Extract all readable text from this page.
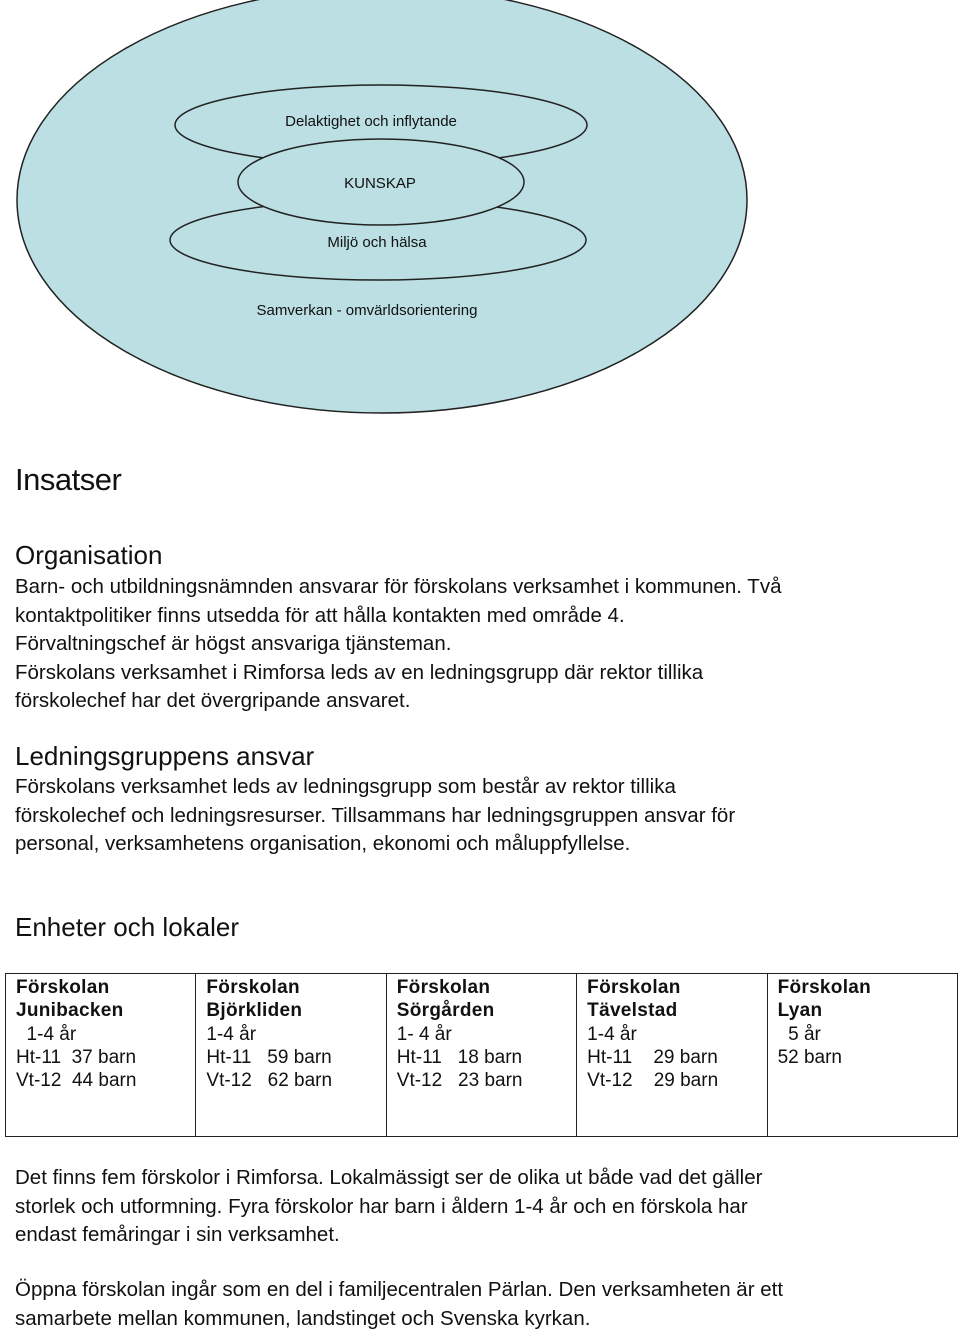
Delaktighet och inflytande
KUNSKAP
Miljö och hälsa
Samverkan - omvärldsorientering
Insatser
Organisation
Barn- och utbildningsnämnden ansvarar för förskolans verksamhet i kommunen. Två
kontaktpolitiker finns utsedda för att hålla kontakten med område 4.
Förvaltningschef är högst ansvariga tjänsteman.
Förskolans verksamhet i Rimforsa leds av en ledningsgrupp där rektor tillika
förskolechef har det övergripande ansvaret.
Ledningsgruppens ansvar
Förskolans verksamhet leds av ledningsgrupp som består av rektor tillika
förskolechef och ledningsresurser. Tillsammans har ledningsgruppen ansvar för
personal, verksamhetens organisation, ekonomi och måluppfyllelse.
Enheter och lokaler
Förskolan
Junibacken
1-4 år
Ht-11  37 barn
Vt-12  44 barn

Förskolan
Björkliden
1-4 år
Ht-11   59 barn
Vt-12   62 barn

Förskolan
Sörgården
1- 4 år
Ht-11   18 barn
Vt-12   23 barn

Förskolan
Tävelstad
1-4 år
Ht-11    29 barn
Vt-12    29 barn

Förskolan
Lyan
5 år
52 barn
Det finns fem förskolor i Rimforsa. Lokalmässigt ser de olika ut både vad det gäller
storlek och utformning. Fyra förskolor har barn i åldern 1-4 år och en förskola har
endast femåringar i sin verksamhet.
Öppna förskolan ingår som en del i familjecentralen Pärlan. Den verksamheten är ett
samarbete mellan kommunen, landstinget och Svenska kyrkan.
